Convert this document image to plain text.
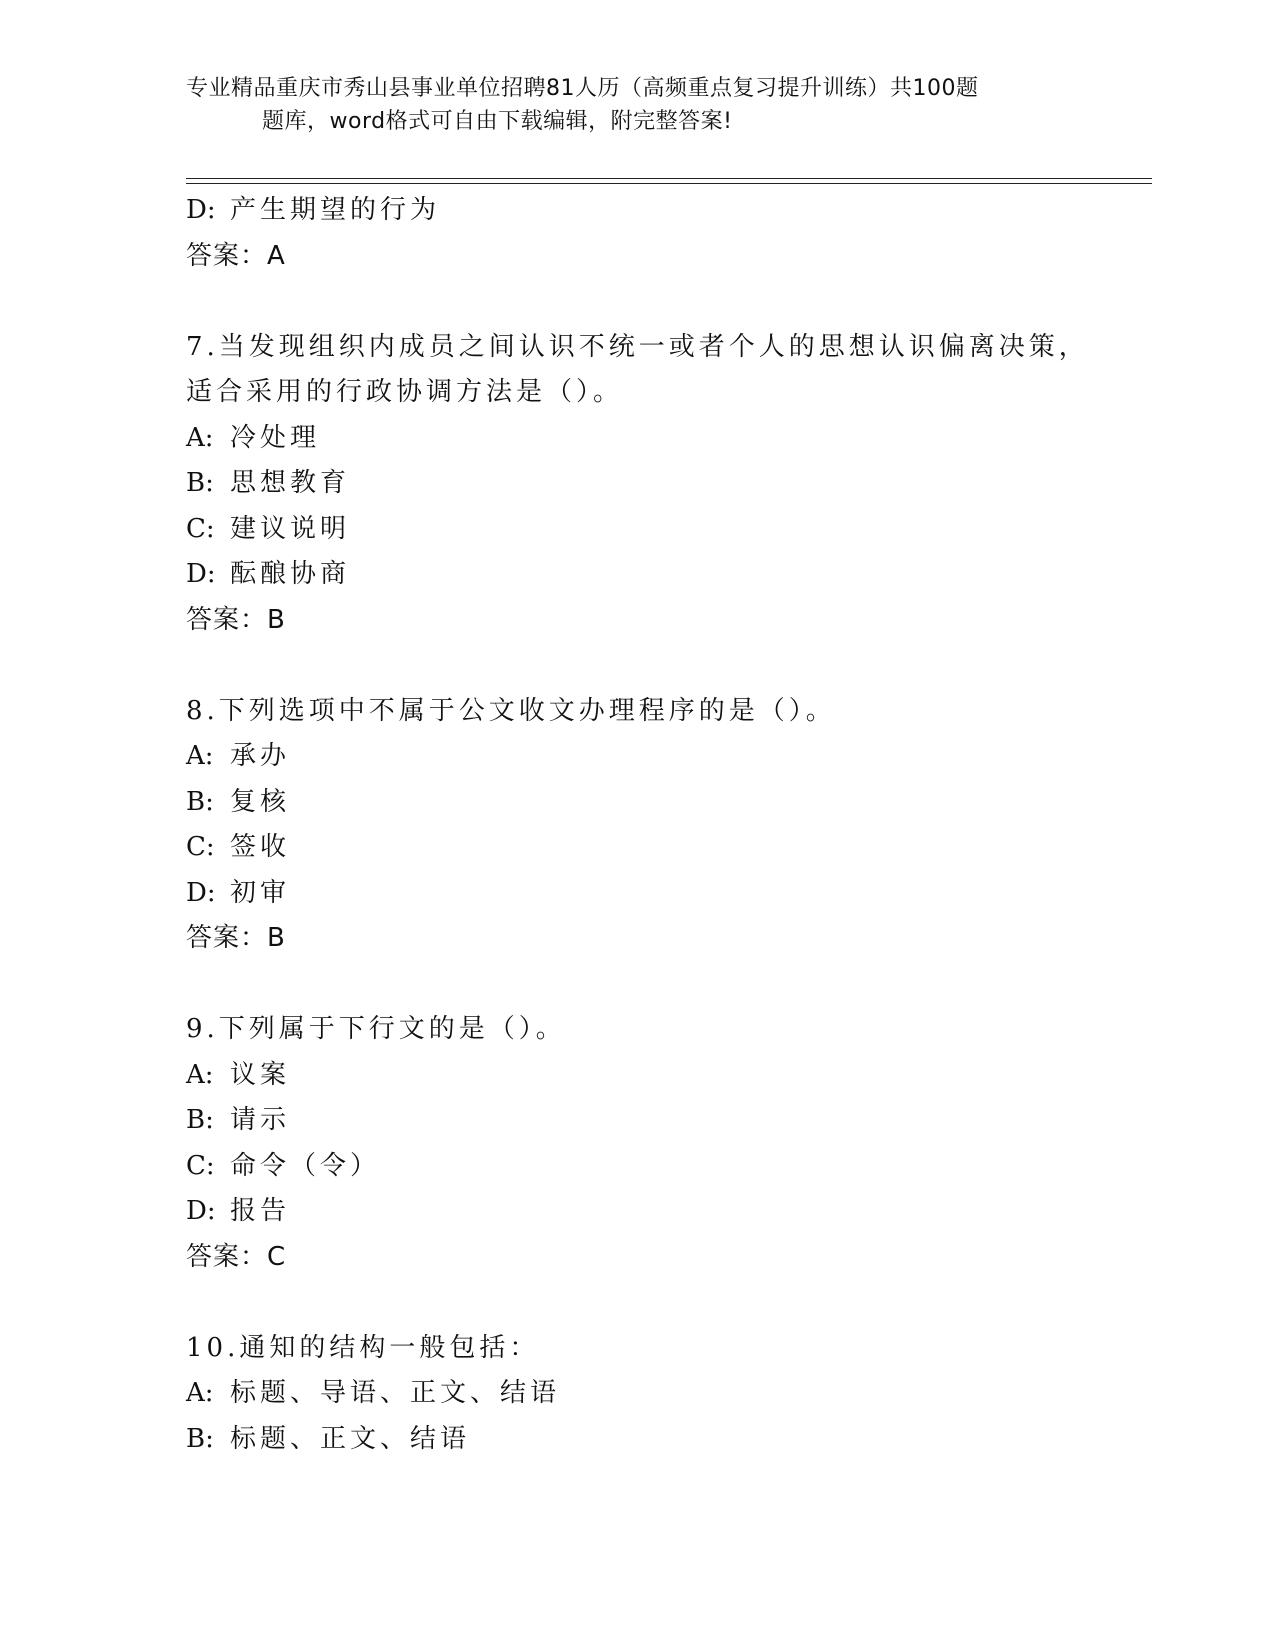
专业精品重庆市秀山县事业单位招聘81人历（高频重点复习提升训练）共100题
题库，word格式可自由下载编辑，附完整答案!
D: 产生期望的行为
答案：A
7.当发现组织内成员之间认识不统一或者个人的思想认识偏离决策，
适合采用的行政协调方法是（）。
A: 冷处理
B: 思想教育
C: 建议说明
D: 酝酿协商
答案：B
8.下列选项中不属于公文收文办理程序的是（）。
A: 承办
B: 复核
C: 签收
D: 初审
答案：B
9.下列属于下行文的是（）。
A: 议案
B: 请示
C: 命令（令）
D: 报告
答案：C
10.通知的结构一般包括：
A: 标题、导语、正文、结语
B: 标题、正文、结语
